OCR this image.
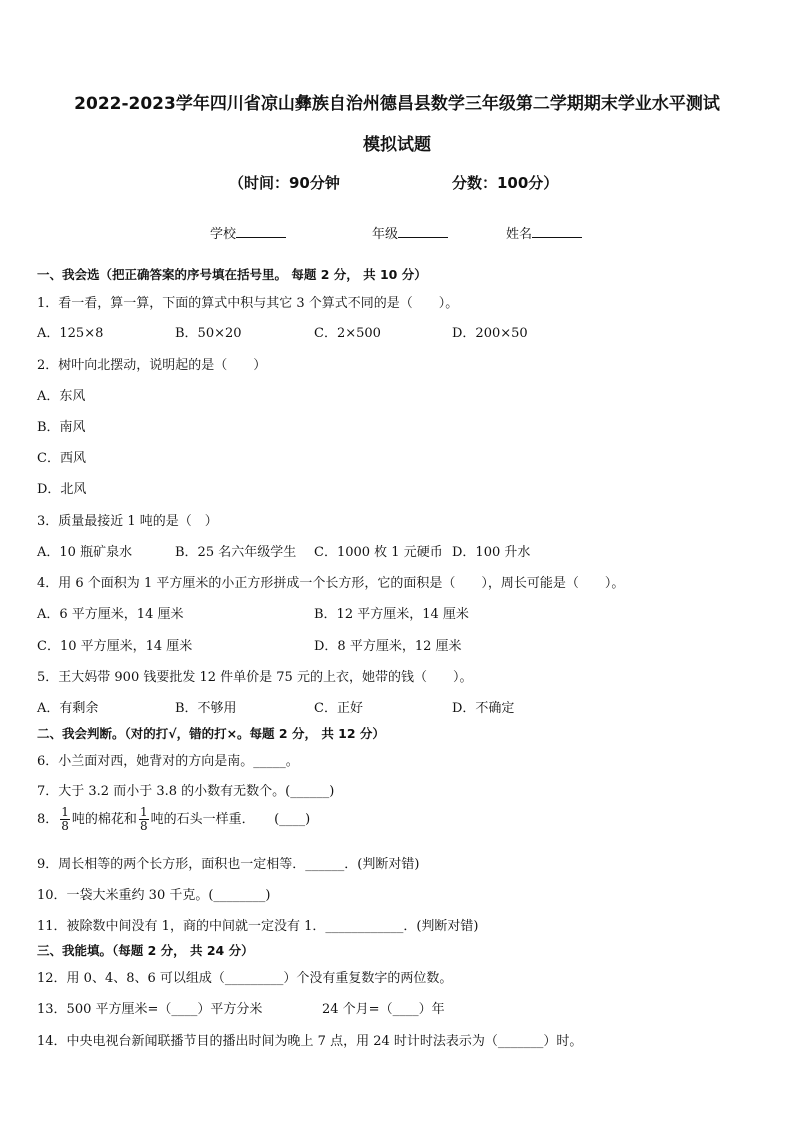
2022-2023学年四川省凉山彝族自治州德昌县数学三年级第二学期期末学业水平测试
模拟试题
（时间：90分钟	分数：100分）
学校	年级	姓名
一、我会选（把正确答案的序号填在括号里。 每题 2 分， 共 10 分）
1．看一看，算一算，下面的算式中积与其它 3 个算式不同的是（　　）。
A．125×8	B．50×20	C．2×500	D．200×50
2．树叶向北摆动，说明起的是（　　）
A．东风
B．南风
C．西风
D．北风
3．质量最接近 1 吨的是（　）
A．10 瓶矿泉水	B．25 名六年级学生 C．1000 枚 1 元硬币 D．100 升水
4．用 6 个面积为 1 平方厘米的小正方形拼成一个长方形，它的面积是（　　），周长可能是（　　）。
A．6 平方厘米，14 厘米	B．12 平方厘米，14 厘米
C．10 平方厘米，14 厘米	D．8 平方厘米，12 厘米
5．王大妈带 900 钱要批发 12 件单价是 75 元的上衣，她带的钱（　　）。
A．有剩余	B．不够用	C．正好	D．不确定
二、我会判断。（对的打√，错的打×。每题 2 分， 共 12 分）
6．小兰面对西，她背对的方向是南。_____。
7．大于 3.2 而小于 3.8 的小数有无数个。(______)
8． $\frac{1}{8}$ 吨的棉花和 $\frac{1}{8}$ 吨的石头一样重．　　(____)
9．周长相等的两个长方形，面积也一定相等．______．(判断对错)
10．一袋大米重约 30 千克。(________)
11．被除数中间没有 1，商的中间就一定没有 1．____________．(判断对错)
三、我能填。（每题 2 分， 共 24 分）
12．用 0、4、8、6 可以组成（_________）个没有重复数字的两位数。
13．500 平方厘米=（____）平方分米	24 个月=（____）年
14．中央电视台新闻联播节目的播出时间为晚上 7 点，用 24 时计时法表示为（_______）时。
